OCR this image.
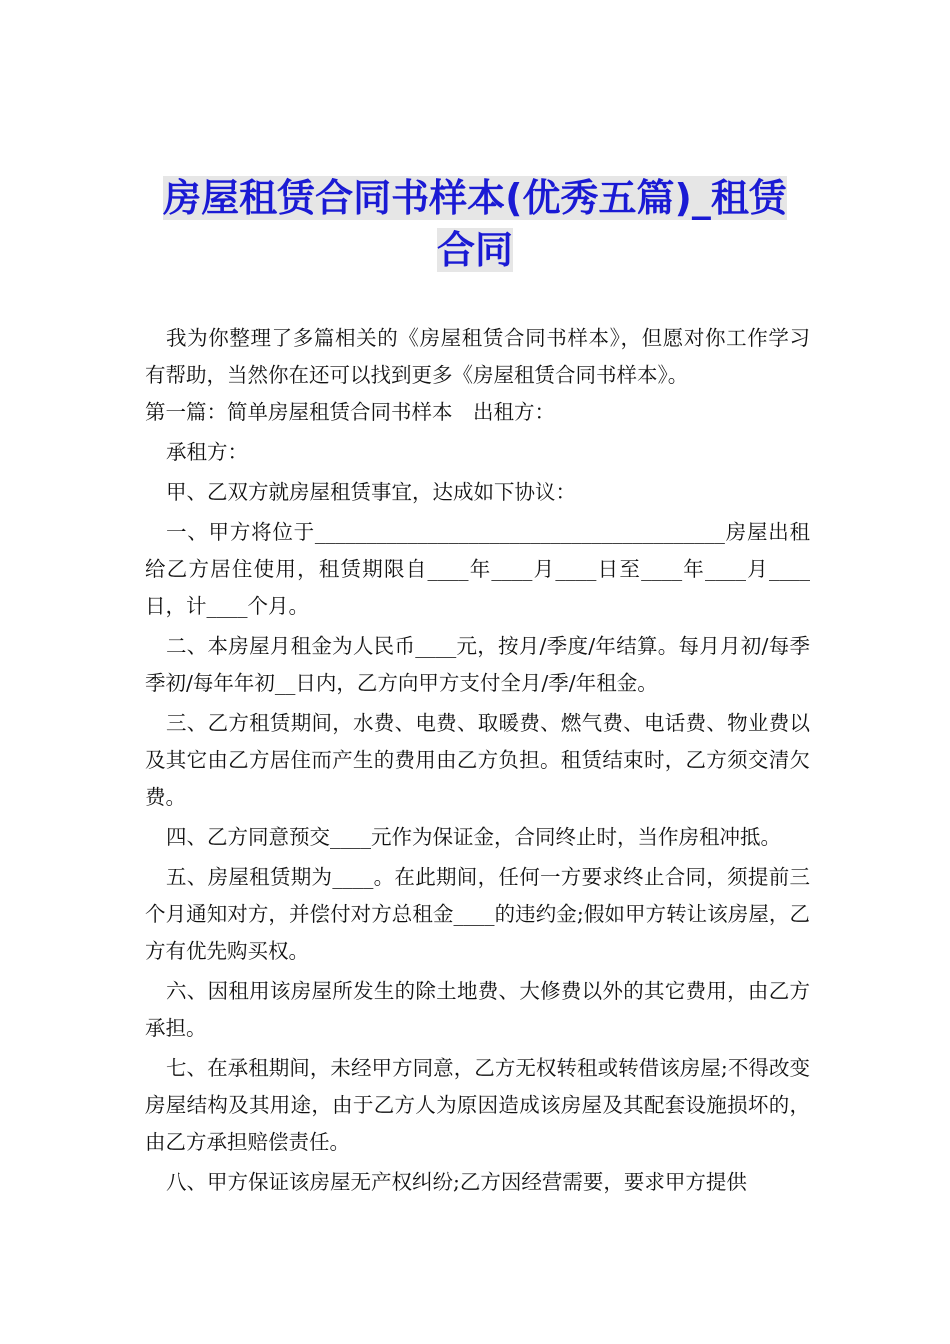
房屋租赁合同书样本(优秀五篇)_租赁合同

我为你整理了多篇相关的《房屋租赁合同书样本》，但愿对你工作学习有帮助，当然你在还可以找到更多《房屋租赁合同书样本》。

第一篇：简单房屋租赁合同书样本　出租方：

承租方：

甲、乙双方就房屋租赁事宜，达成如下协议：

一、甲方将位于________________________________________房屋出租给乙方居住使用，租赁期限自____年____月____日至____年____月____日，计____个月。

二、本房屋月租金为人民币____元，按月/季度/年结算。每月月初/每季季初/每年年初__日内，乙方向甲方支付全月/季/年租金。

三、乙方租赁期间，水费、电费、取暖费、燃气费、电话费、物业费以及其它由乙方居住而产生的费用由乙方负担。租赁结束时，乙方须交清欠费。

四、乙方同意预交____元作为保证金，合同终止时，当作房租冲抵。

五、房屋租赁期为____。在此期间，任何一方要求终止合同，须提前三个月通知对方，并偿付对方总租金____的违约金;假如甲方转让该房屋，乙方有优先购买权。

六、因租用该房屋所发生的除土地费、大修费以外的其它费用，由乙方承担。

七、在承租期间，未经甲方同意，乙方无权转租或转借该房屋;不得改变房屋结构及其用途，由于乙方人为原因造成该房屋及其配套设施损坏的，由乙方承担赔偿责任。

八、甲方保证该房屋无产权纠纷;乙方因经营需要，要求甲方提供
